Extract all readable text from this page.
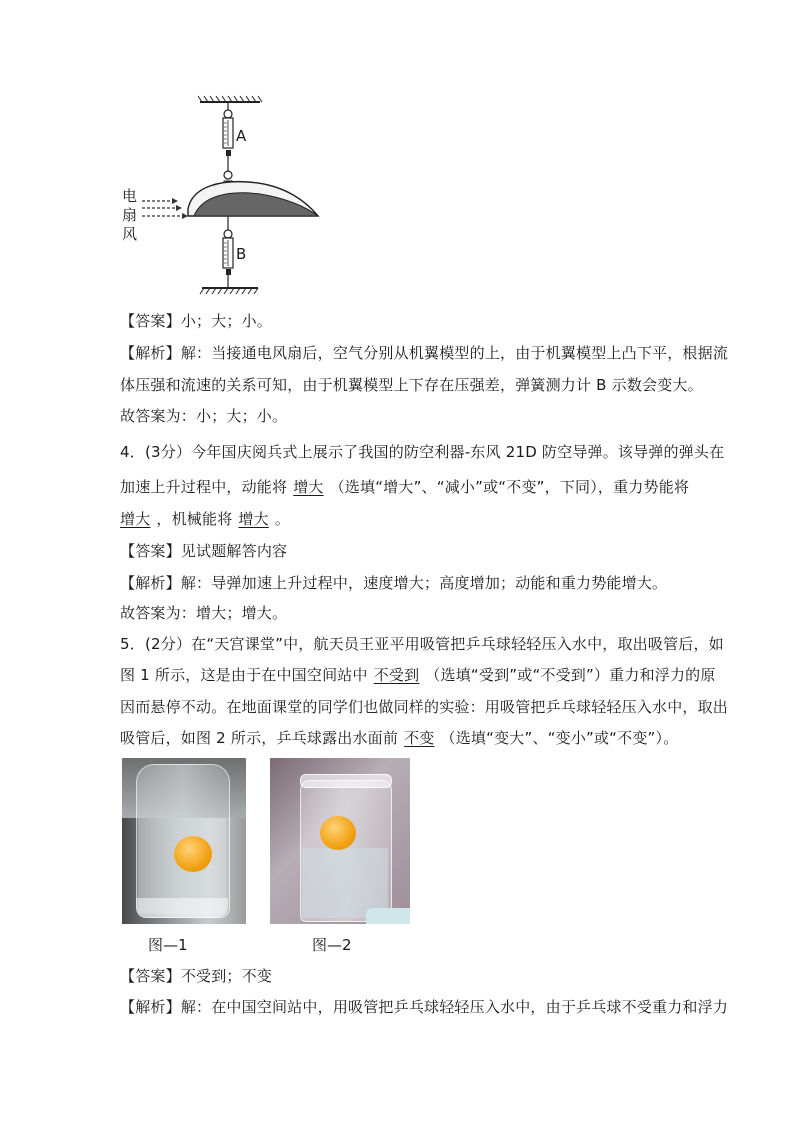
A
B
电
扇
风
【答案】小；大；小。
【解析】解：当接通电风扇后，空气分别从机翼模型的上，由于机翼模型上凸下平，根据流
体压强和流速的关系可知，由于机翼模型上下存在压强差，弹簧测力计 B 示数会变大。
故答案为：小；大；小。
4．(3分）今年国庆阅兵式上展示了我国的防空利器-东风 21D 防空导弹。该导弹的弹头在
加速上升过程中，动能将 增大 （选填“增大”、“减小”或“不变”，下同），重力势能将
增大 ，机械能将 增大 。
【答案】见试题解答内容
【解析】解：导弹加速上升过程中，速度增大；高度增加；动能和重力势能增大。
故答案为：增大；增大。
5．(2分）在“天宫课堂”中，航天员王亚平用吸管把乒乓球轻轻压入水中，取出吸管后，如
图 1 所示，这是由于在中国空间站中 不受到 （选填“受到”或“不受到”）重力和浮力的原
因而悬停不动。在地面课堂的同学们也做同样的实验：用吸管把乒乓球轻轻压入水中，取出
吸管后，如图 2 所示，乒乓球露出水面前 不变 （选填“变大”、“变小”或“不变”）。
图—1	图—2
【答案】不受到；不变
【解析】解：在中国空间站中，用吸管把乒乓球轻轻压入水中，由于乒乓球不受重力和浮力
